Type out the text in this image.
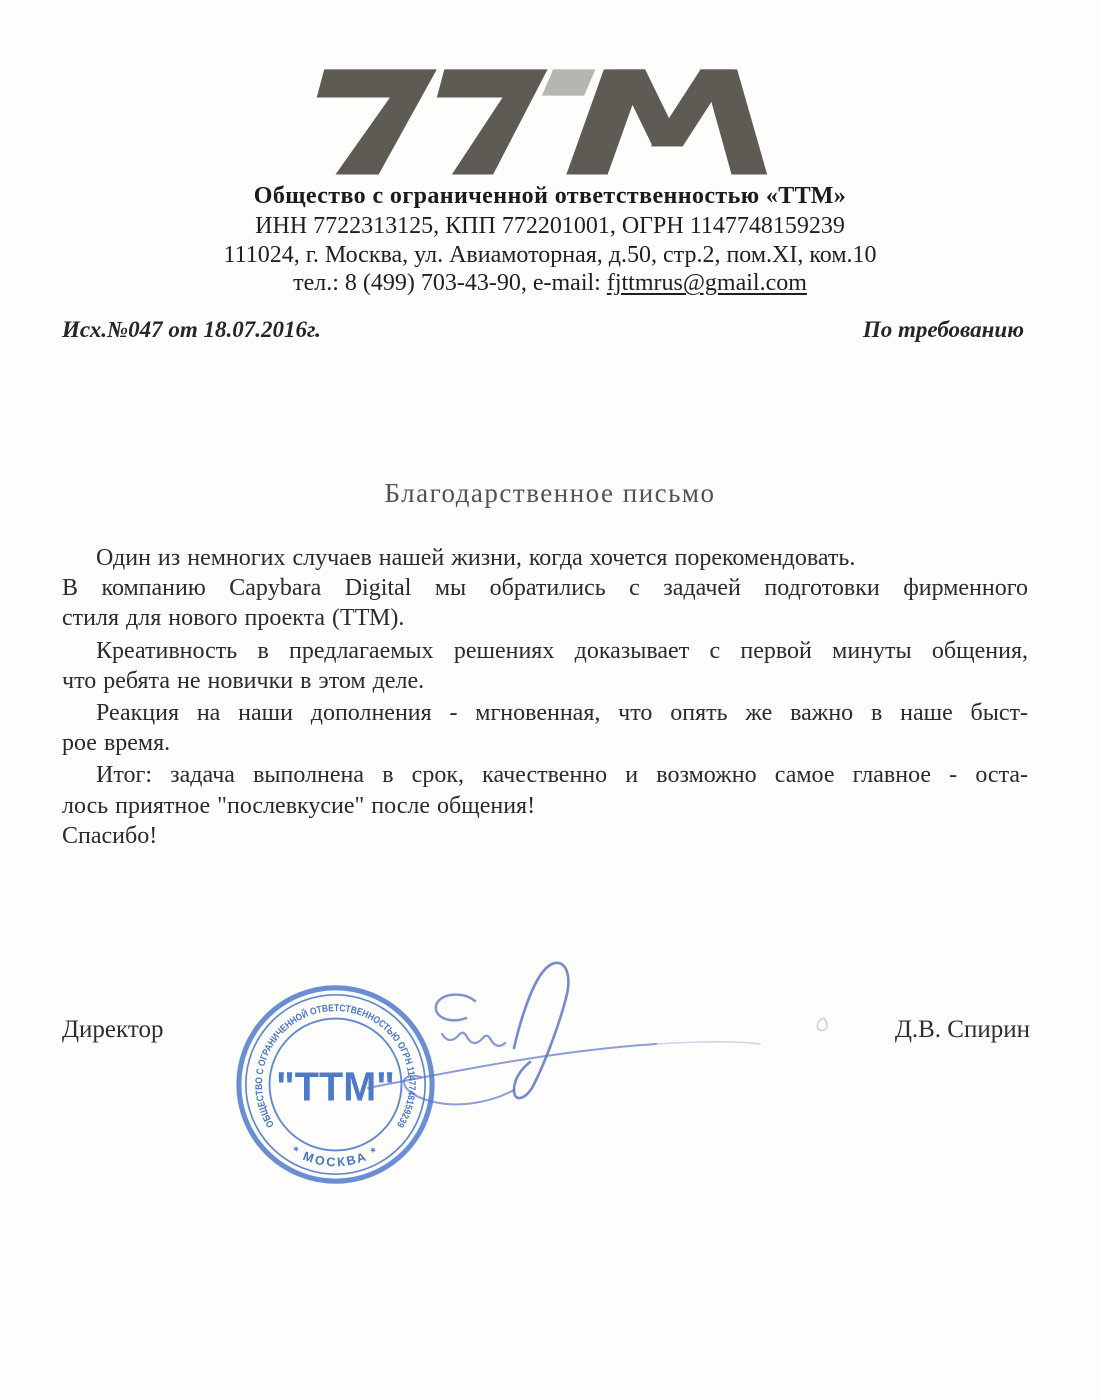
Общество с ограниченной ответственностью «ТТМ»
ИНН 7722313125, КПП 772201001, ОГРН 1147748159239
111024, г. Москва, ул. Авиамоторная, д.50, стр.2, пом.XI, ком.10
тел.: 8 (499) 703-43-90, e-mail: fjttmrus@gmail.com
Исх.№047 от 18.07.2016г.	По требованию
Благодарственное письмо
Один из немногих случаев нашей жизни, когда хочется порекомендовать.
В компанию Capybara Digital мы обратились с задачей подготовки фирменного
стиля для нового проекта (ТТМ).
Креативность в предлагаемых решениях доказывает с первой минуты общения,
что ребята не новички в этом деле.
Реакция на наши дополнения - мгновенная, что опять же важно в наше быст-
рое время.
Итог: задача выполнена в срок, качественно и возможно самое главное - оста-
лось приятное "послевкусие" после общения!
Спасибо!
Директор	Д.В. Спирин
ОБЩЕСТВО С ОГРАНИЧЕННОЙ ОТВЕТСТВЕННОСТЬЮ ОГРН 1147748159239
* МОСКВА *
"ТТМ"
